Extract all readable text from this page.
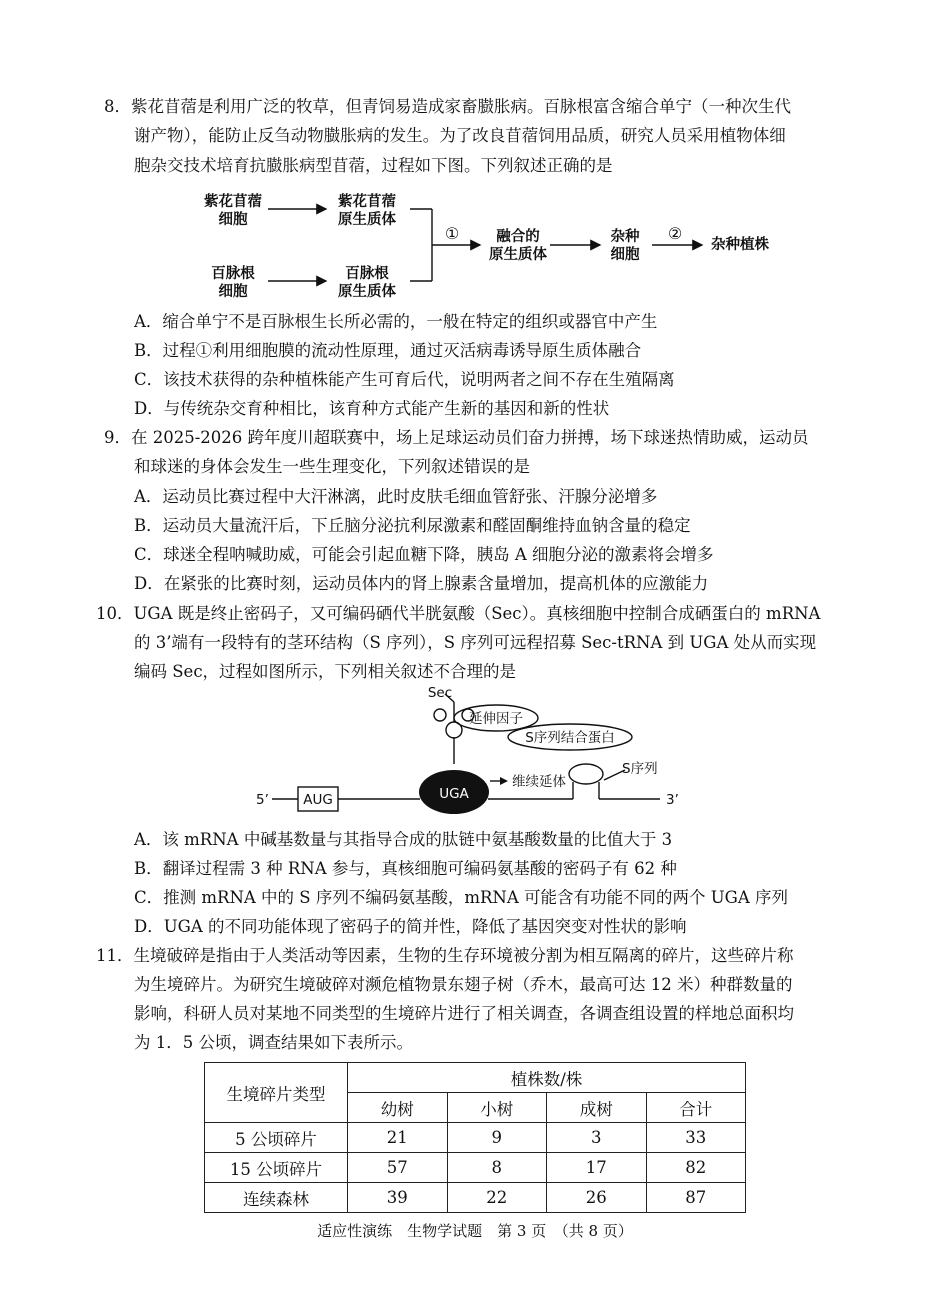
8．紫花苜蓿是利用广泛的牧草，但青饲易造成家畜臌胀病。百脉根富含缩合单宁（一种次生代
谢产物），能防止反刍动物臌胀病的发生。为了改良苜蓿饲用品质，研究人员采用植物体细
胞杂交技术培育抗臌胀病型苜蓿，过程如下图。下列叙述正确的是
紫花苜蓿
细胞
紫花苜蓿
原生质体
百脉根
细胞
百脉根
原生质体
①	融合的
原生质体
杂种
细胞
②
杂种植株
A．缩合单宁不是百脉根生长所必需的，一般在特定的组织或器官中产生
B．过程①利用细胞膜的流动性原理，通过灭活病毒诱导原生质体融合
C．该技术获得的杂种植株能产生可育后代，说明两者之间不存在生殖隔离
D．与传统杂交育种相比，该育种方式能产生新的基因和新的性状
9．在 2025-2026 跨年度川超联赛中，场上足球运动员们奋力拼搏，场下球迷热情助威，运动员
和球迷的身体会发生一些生理变化，下列叙述错误的是
A．运动员比赛过程中大汗淋漓，此时皮肤毛细血管舒张、汗腺分泌增多
B．运动员大量流汗后，下丘脑分泌抗利尿激素和醛固酮维持血钠含量的稳定
C．球迷全程呐喊助威，可能会引起血糖下降，胰岛 A 细胞分泌的激素将会增多
D．在紧张的比赛时刻，运动员体内的肾上腺素含量增加，提高机体的应激能力
10．UGA 既是终止密码子，又可编码硒代半胱氨酸（Sec）。真核细胞中控制合成硒蛋白的 mRNA
的 3’端有一段特有的茎环结构（S 序列），S 序列可远程招募 Sec-tRNA 到 UGA 处从而实现
编码 Sec，过程如图所示，下列相关叙述不合理的是
Sec
延伸因子
S序列结合蛋白
S序列
5’	AUG	UGA
维续延体
3’
A．该 mRNA 中碱基数量与其指导合成的肽链中氨基酸数量的比值大于 3
B．翻译过程需 3 种 RNA 参与，真核细胞可编码氨基酸的密码子有 62 种
C．推测 mRNA 中的 S 序列不编码氨基酸，mRNA 可能含有功能不同的两个 UGA 序列
D．UGA 的不同功能体现了密码子的简并性，降低了基因突变对性状的影响
11．生境破碎是指由于人类活动等因素，生物的生存环境被分割为相互隔离的碎片，这些碎片称
为生境碎片。为研究生境破碎对濒危植物景东翅子树（乔木，最高可达 12 米）种群数量的
影响，科研人员对某地不同类型的生境碎片进行了相关调查，各调查组设置的样地总面积均
为 1．5 公顷，调查结果如下表所示。
生境碎片类型	植株数/株			
	幼树	小树	成树	合计
5 公顷碎片	21	9	3	33
15 公顷碎片	57	8	17	82
连续森林	39	22	26	87
适应性演练　生物学试题　第 3 页　（共 8 页）
